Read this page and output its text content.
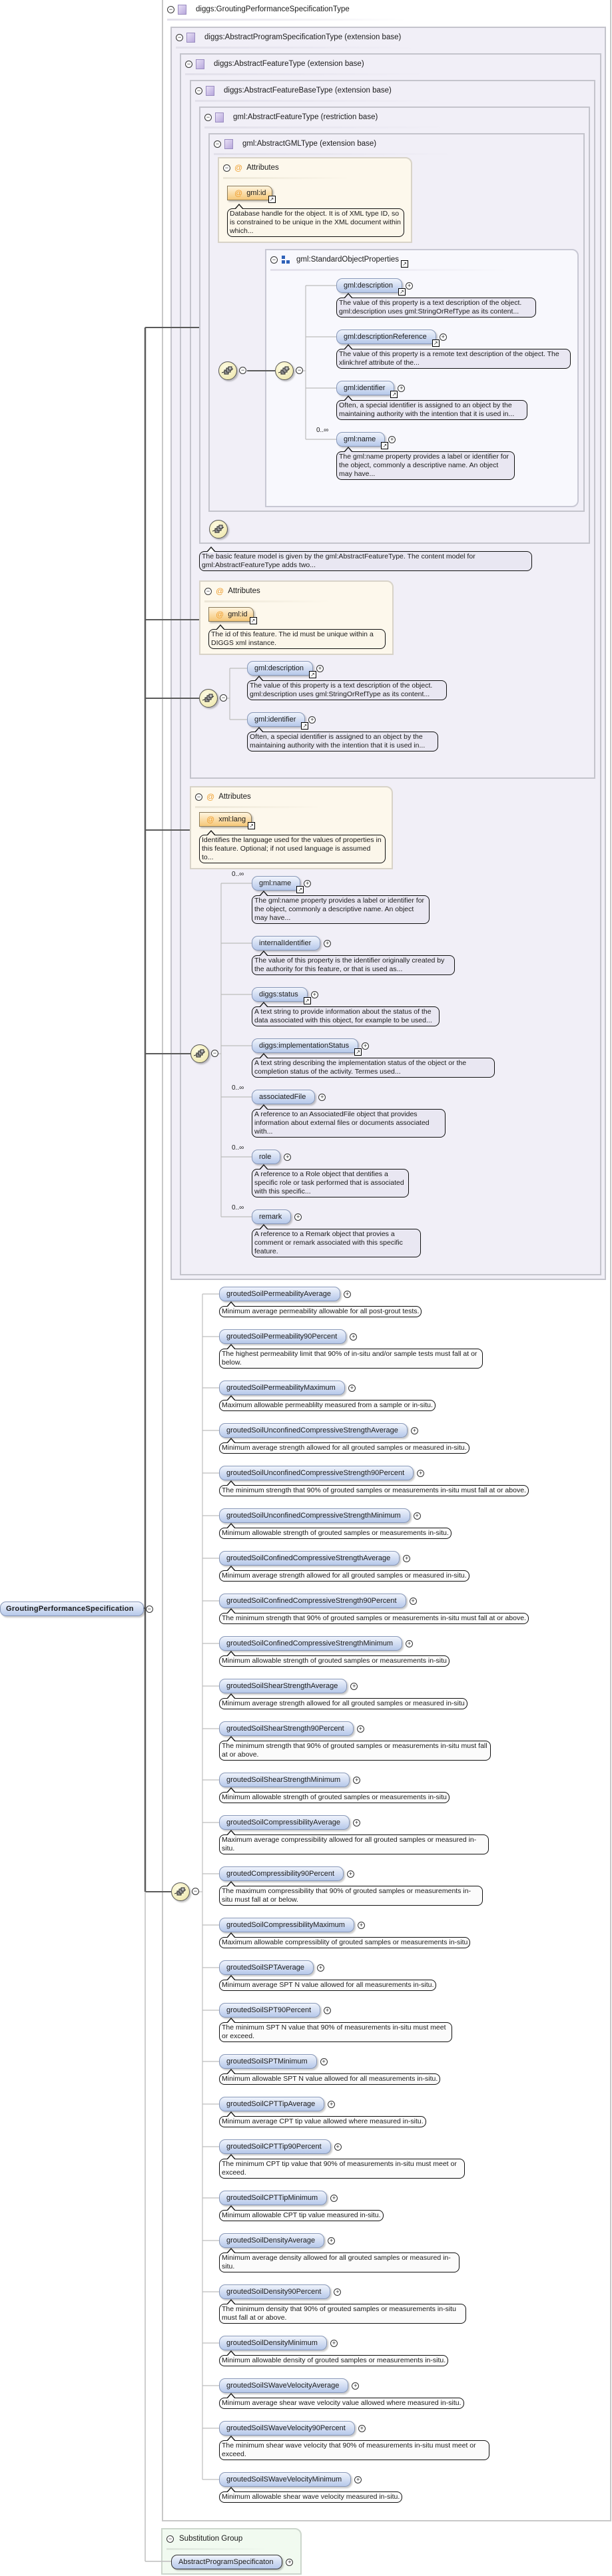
−	diggs:GroutingPerformanceSpecificationType
−	diggs:AbstractProgramSpecificationType (extension base)
−	diggs:AbstractFeatureType (extension base)
−	diggs:AbstractFeatureBaseType (extension base)
−	gml:AbstractFeatureType (restriction base)
−	gml:AbstractGMLType (extension base)
− @ Attributes
@ gml:id
↗
Database handle for the object. It is of XML type ID, so is constrained to be unique in the XML document within which...
− @ Attributes
@ gml:id
↗
The id of this feature. The id must be unique within a DIGGS xml instance.
− @ Attributes
@ xml:lang
↗
Identifies the language used for the values of properties in this feature. Optional; if not used language is assumed to...
−	gml:StandardObjectProperties ↗
The basic feature model is given by the gml:AbstractFeatureType. The content model for gml:AbstractFeatureType adds two...
GroutingPerformanceSpecification	−
− Substitution Group
AbstractProgramSpecificaton	+
gml:description
↗
+
The value of this property is a text description of the object. gml:description uses gml:StringOrRefType as its content...
gml:descriptionReference
↗
+
The value of this property is a remote text description of the object. The xlink:href attribute of the...
gml:identifier
↗
+
Often, a special identifier is assigned to an object by the maintaining authority with the intention that it is used in...
0..∞
gml:name
↗
+
The gml:name property provides a label or identifier for the object, commonly a descriptive name. An object may have...
−
gml:description
↗
+
The value of this property is a text description of the object. gml:description uses gml:StringOrRefType as its content...
gml:identifier
↗
+
Often, a special identifier is assigned to an object by the maintaining authority with the intention that it is used in...
−
0..∞
gml:name
↗
+
The gml:name property provides a label or identifier for the object, commonly a descriptive name. An object may have...
internalIdentifier	+
The value of this property is the identifier originally created by the authority for this feature, or that is used as...
diggs:status
↗
+
A text string to provide information about the status of the data associated with this object, for example to be used...
diggs:implementationStatus
↗
+
A text string describing the implementation status of the object or the completion status of the activity. Termes used...
0..∞
associatedFile	+
A reference to an AssociatedFile object that provides information about external files or documents associated with...
0..∞
role	+
A reference to a Role object that dentifies a specific role or task performed that is associated with this specific...
0..∞
remark	+
A reference to a Remark object that provies a comment or remark associated with this specific feature.
−
groutedSoilPermeabilityAverage	+
Minimum average permeability allowable for all post-grout tests.
groutedSoilPermeability90Percent	+
The highest permeability limit that 90% of in-situ and/or sample tests must fall at or below.
groutedSoilPermeabilityMaximum	+
Maximum allowable permeablilty measured from a sample or in-situ.
groutedSoilUnconfinedCompressiveStrengthAverage	+
Minimum average strength allowed for all grouted samples or measured in-situ.
groutedSoilUnconfinedCompressiveStrength90Percent	+
The minimum strength that 90% of grouted samples or measurements in-situ must fall at or above.
groutedSoilUnconfinedCompressiveStrengthMinimum	+
Minimum allowable strength of grouted samples or measurements in-situ.
groutedSoilConfinedCompressiveStrengthAverage	+
Minimum average strength allowed for all grouted samples or measured in-situ.
groutedSoilConfinedCompressiveStrength90Percent	+
The minimum strength that 90% of grouted samples or measurements in-situ must fall at or above.
groutedSoilConfinedCompressiveStrengthMinimum	+
Minimum allowable strength of grouted samples or measurements in-situ
groutedSoilShearStrengthAverage	+
Minimum average strength allowed for all grouted samples or measured in-situ
groutedSoilShearStrength90Percent	+
The minimum strength that 90% of grouted samples or measurements in-situ must fall at or above.
groutedSoilShearStrengthMinimum	+
Minimum allowable strength of grouted samples or measurements in-situ
groutedSoilCompressibilityAverage	+
Maximum average compressibility allowed for all grouted samples or measured in-situ.
groutedCompressibility90Percent	+
The maximum compressibility that 90% of grouted samples or measurements in-situ must fall at or below.
groutedSoilCompressibilityMaximum	+
Maximum allowable compressiblity of grouted samples or measurements in-situ
groutedSoilSPTAverage	+
Minimum average SPT N value allowed for all measurements in-situ.
groutedSoilSPT90Percent	+
The minimum SPT N value that 90% of measurements in-situ must meet or exceed.
groutedSoilSPTMinimum	+
Minimum allowable SPT N value allowed for all measurements in-situ.
groutedSoilCPTTipAverage	+
Minimum average CPT tip value allowed where measured in-situ.
groutedSoilCPTTip90Percent	+
The minimum CPT tip value that 90% of measurements in-situ must meet or exceed.
groutedSoilCPTTipMinimum	+
Minimum allowable CPT tip value measured in-situ.
groutedSoilDensityAverage	+
Minimum average density allowed for all grouted samples or measured in-situ.
groutedSoilDensity90Percent	+
The minimum density that 90% of grouted samples or measurements in-situ must fall at or above.
groutedSoilDensityMinimum	+
Minimum allowable density of grouted samples or measurements in-situ.
groutedSoilSWaveVelocityAverage	+
Minimum average shear wave velocity value allowed where measured in-situ.
groutedSoilSWaveVelocity90Percent	+
The minimum shear wave velocity that 90% of measurements in-situ must meet or exceed.
groutedSoilSWaveVelocityMinimum	+
Minimum allowable shear wave velocity measured in-situ.
−
−
